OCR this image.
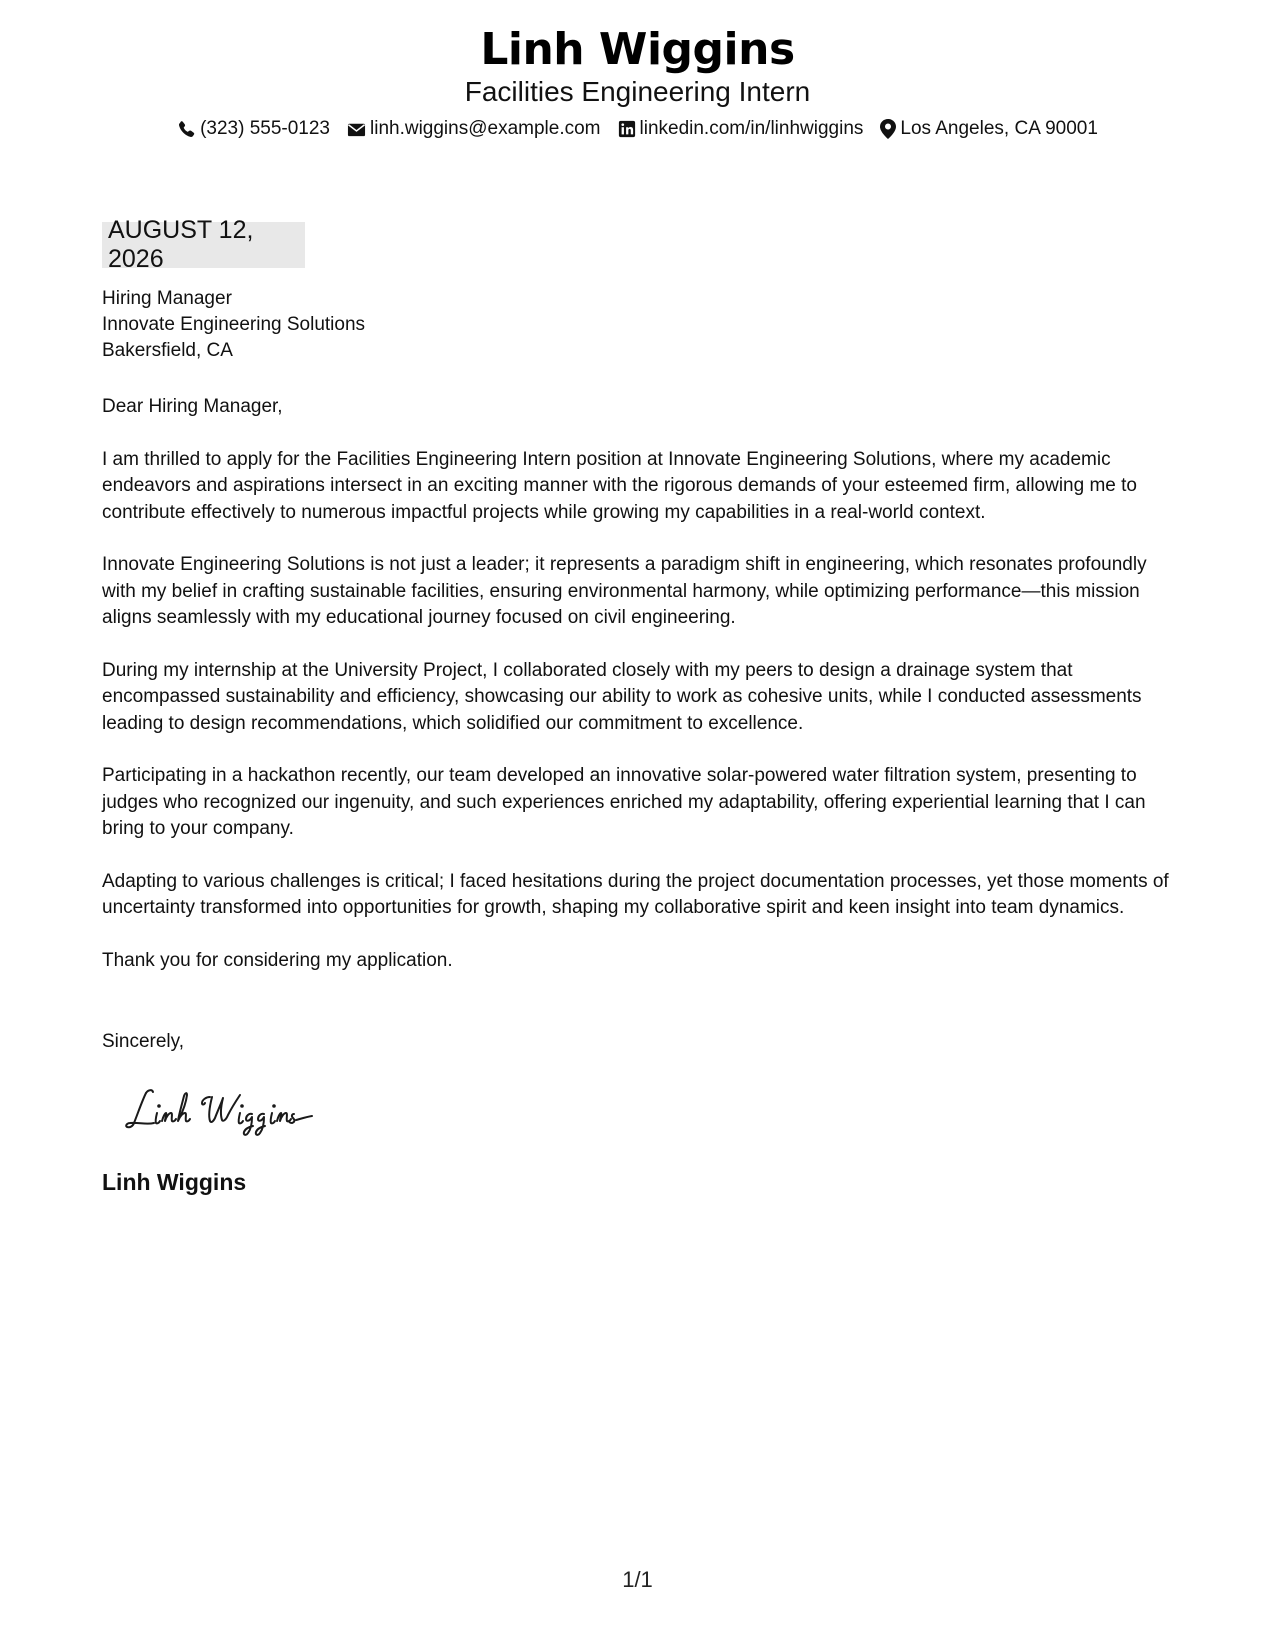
Linh Wiggins
Facilities Engineering Intern
(323) 555-0123 linh.wiggins@example.com linkedin.com/in/linhwiggins Los Angeles, CA 90001
AUGUST 12, 2026
Hiring Manager
Innovate Engineering Solutions
Bakersfield, CA

Dear Hiring Manager,

I am thrilled to apply for the Facilities Engineering Intern position at Innovate Engineering Solutions, where my academic endeavors and aspirations intersect in an exciting manner with the rigorous demands of your esteemed firm, allowing me to contribute effectively to numerous impactful projects while growing my capabilities in a real-world context.

Innovate Engineering Solutions is not just a leader; it represents a paradigm shift in engineering, which resonates profoundly with my belief in crafting sustainable facilities, ensuring environmental harmony, while optimizing performance—this mission aligns seamlessly with my educational journey focused on civil engineering.

During my internship at the University Project, I collaborated closely with my peers to design a drainage system that encompassed sustainability and efficiency, showcasing our ability to work as cohesive units, while I conducted assessments leading to design recommendations, which solidified our commitment to excellence.

Participating in a hackathon recently, our team developed an innovative solar-powered water filtration system, presenting to judges who recognized our ingenuity, and such experiences enriched my adaptability, offering experiential learning that I can bring to your company.

Adapting to various challenges is critical; I faced hesitations during the project documentation processes, yet those moments of uncertainty transformed into opportunities for growth, shaping my collaborative spirit and keen insight into team dynamics.

Thank you for considering my application.

Sincerely,
Linh Wiggins
1/1
